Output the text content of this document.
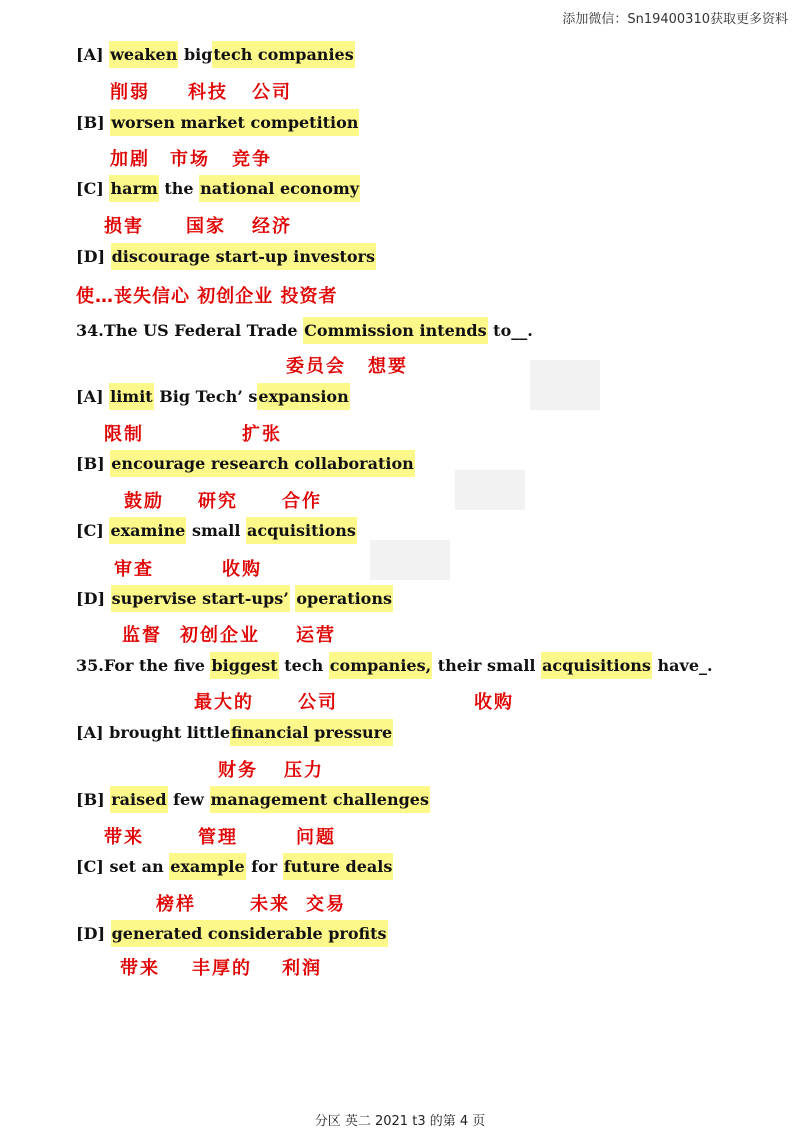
添加微信：Sn19400310获取更多资料
[A] weaken bigtech companies
削弱 科技 公司
[B] worsen market competition
加剧 市场 竞争
[C] harm the national economy
损害 国家 经济
[D] discourage start-up investors
使…丧失信心 初创企业 投资者
34.The US Federal Trade Commission intends to__.
委员会 想要
[A] limit Big Tech’ sexpansion
限制	扩张
[B] encourage research collaboration
鼓励 研究 合作
[C] examine small acquisitions
审查	收购
[D] supervise start-ups’ operations
监督 初创企业 运营
35.For the five biggest tech companies, their small acquisitions have_.
最大的 公司	收购
[A] brought littlefinancial pressure
财务 压力
[B] raised few management challenges
带来	管理	问题
[C] set an example for future deals
榜样	未来 交易
[D] generated considerable profits
带来 丰厚的 利润
分区 英二 2021 t3 的第 4 页
